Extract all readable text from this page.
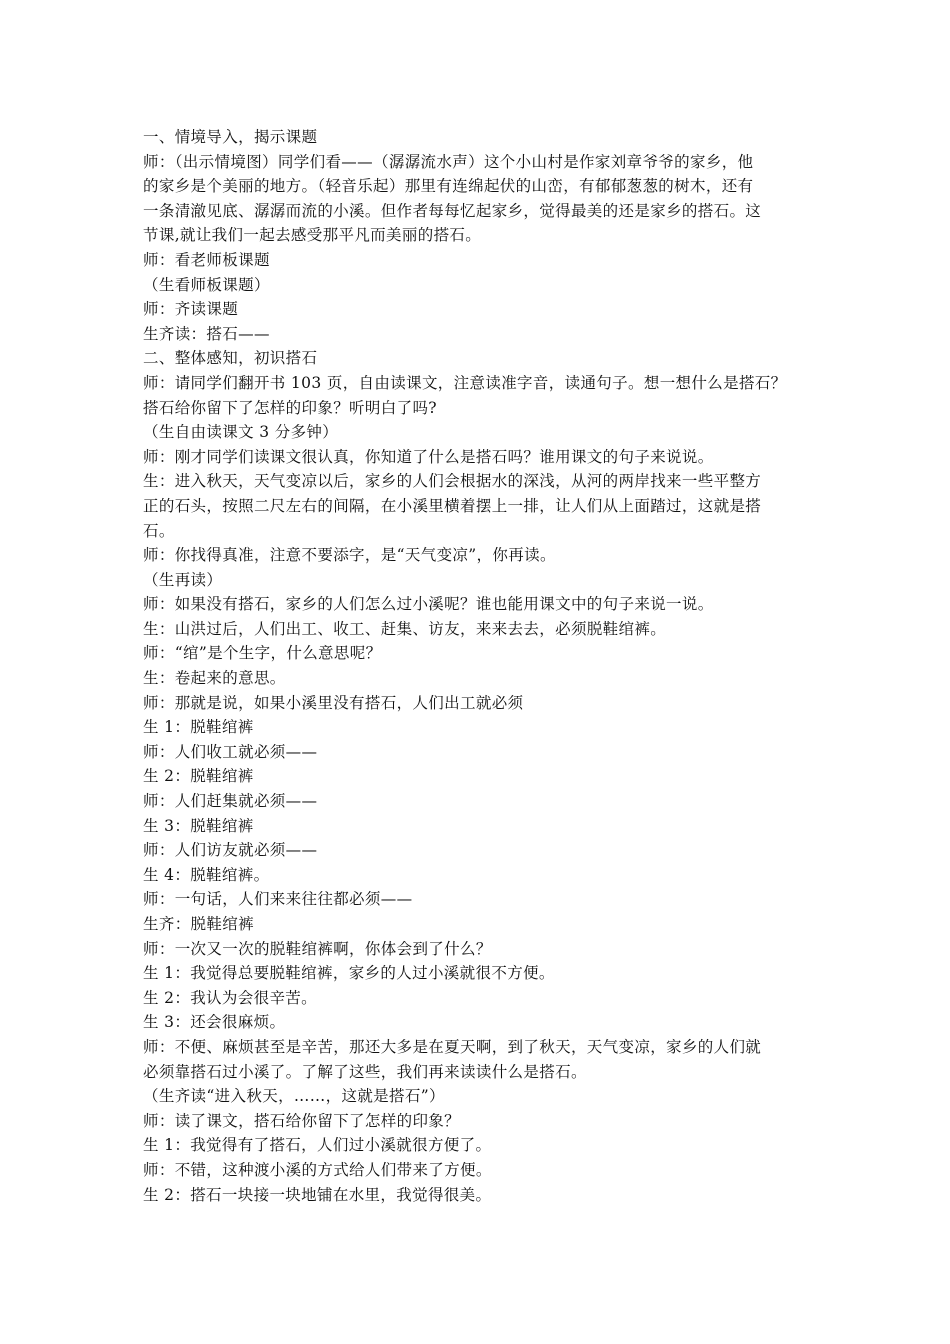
一、情境导入，揭示课题
师：（出示情境图）同学们看——（潺潺流水声）这个小山村是作家刘章爷爷的家乡，他
的家乡是个美丽的地方。（轻音乐起）那里有连绵起伏的山峦，有郁郁葱葱的树木，还有
一条清澈见底、潺潺而流的小溪。但作者每每忆起家乡，觉得最美的还是家乡的搭石。这
节课,就让我们一起去感受那平凡而美丽的搭石。
师：看老师板课题
（生看师板课题）
师：齐读课题
生齐读：搭石——
二、整体感知，初识搭石
师：请同学们翻开书 103 页，自由读课文，注意读准字音，读通句子。想一想什么是搭石？
搭石给你留下了怎样的印象？听明白了吗?
（生自由读课文 3 分多钟）
师：刚才同学们读课文很认真，你知道了什么是搭石吗？谁用课文的句子来说说。
生：进入秋天，天气变凉以后，家乡的人们会根据水的深浅，从河的两岸找来一些平整方
正的石头，按照二尺左右的间隔，在小溪里横着摆上一排，让人们从上面踏过，这就是搭
石。
师：你找得真准，注意不要添字，是“天气变凉”，你再读。
（生再读）
师：如果没有搭石，家乡的人们怎么过小溪呢？谁也能用课文中的句子来说一说。
生：山洪过后，人们出工、收工、赶集、访友，来来去去，必须脱鞋绾裤。
师：“绾”是个生字，什么意思呢？
生：卷起来的意思。
师：那就是说，如果小溪里没有搭石，人们出工就必须
生 1：脱鞋绾裤
师：人们收工就必须——
生 2：脱鞋绾裤
师：人们赶集就必须——
生 3：脱鞋绾裤
师：人们访友就必须——
生 4：脱鞋绾裤。
师：一句话，人们来来往往都必须——
生齐：脱鞋绾裤
师：一次又一次的脱鞋绾裤啊，你体会到了什么？
生 1：我觉得总要脱鞋绾裤，家乡的人过小溪就很不方便。
生 2：我认为会很辛苦。
生 3：还会很麻烦。
师：不便、麻烦甚至是辛苦，那还大多是在夏天啊，到了秋天，天气变凉，家乡的人们就
必须靠搭石过小溪了。了解了这些，我们再来读读什么是搭石。
（生齐读“进入秋天，……，这就是搭石”）
师：读了课文，搭石给你留下了怎样的印象？
生 1：我觉得有了搭石，人们过小溪就很方便了。
师：不错，这种渡小溪的方式给人们带来了方便。
生 2：搭石一块接一块地铺在水里，我觉得很美。
